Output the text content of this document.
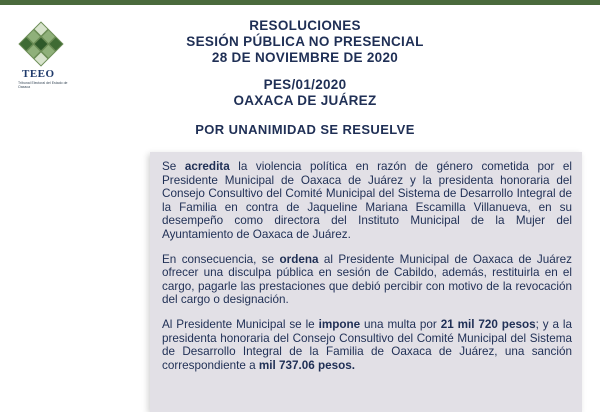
TEEO
Tribunal Electoral del Estado de Oaxaca
RESOLUCIONES
SESIÓN PÚBLICA NO PRESENCIAL
28 DE NOVIEMBRE DE 2020
PES/01/2020
OAXACA DE JUÁREZ
POR UNANIMIDAD SE RESUELVE

Se acredita la violencia política en razón de género cometida por el Presidente Municipal de Oaxaca de Juárez y la presidenta honoraria del Consejo Consultivo del Comité Municipal del Sistema de Desarrollo Integral de la Familia en contra de Jaqueline Mariana Escamilla Villanueva, en su desempeño como directora del Instituto Municipal de la Mujer del Ayuntamiento de Oaxaca de Juárez.

En consecuencia, se ordena al Presidente Municipal de Oaxaca de Juárez ofrecer una disculpa pública en sesión de Cabildo, además, restituirla en el cargo, pagarle las prestaciones que debió percibir con motivo de la revocación del cargo o designación.

Al Presidente Municipal se le impone una multa por 21 mil 720 pesos; y a la presidenta honoraria del Consejo Consultivo del Comité Municipal del Sistema de Desarrollo Integral de la Familia de Oaxaca de Juárez, una sanción correspondiente a mil 737.06 pesos.
